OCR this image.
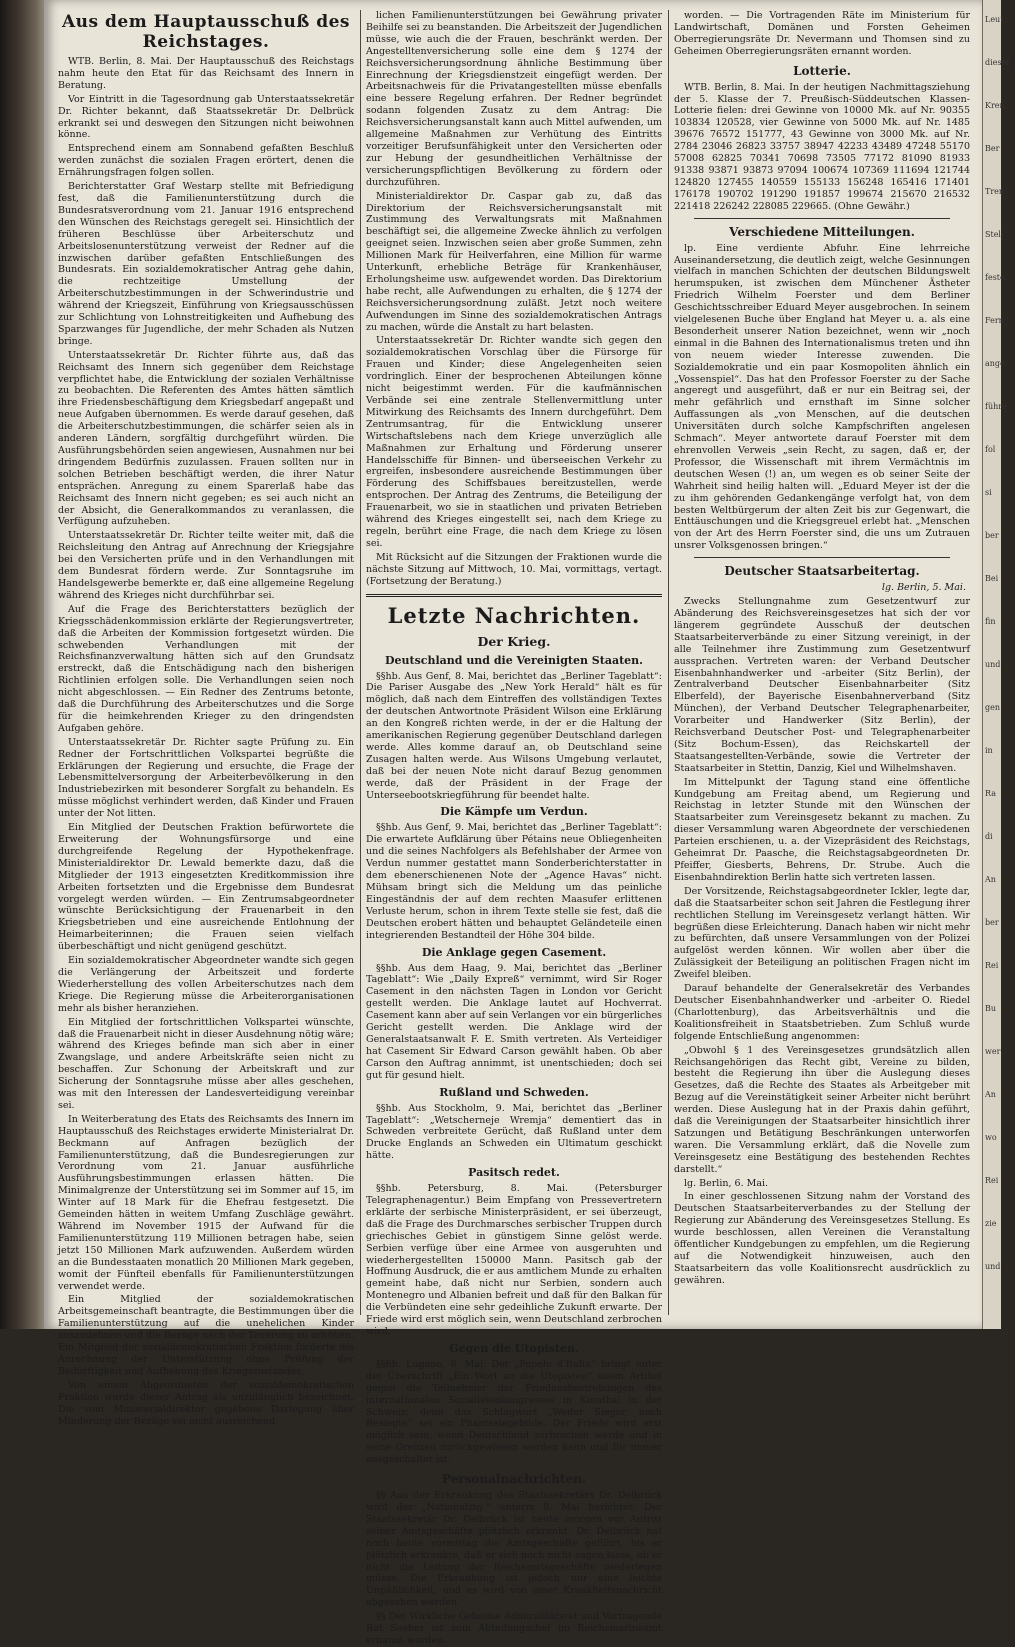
Aus dem Hauptausschuß des Reichstages.

WTB. Berlin, 8. Mai. Der Hauptausschuß des Reichstags nahm heute den Etat für das Reichsamt des Innern in Beratung.

Vor Eintritt in die Tagesordnung gab Unterstaatssekretär Dr. Richter bekannt, daß Staatssekretär Dr. Delbrück erkrankt sei und deswegen den Sitzungen nicht beiwohnen könne.

Entsprechend einem am Sonnabend gefaßten Beschluß werden zunächst die sozialen Fragen erörtert, denen die Ernährungsfragen folgen sollen.

Berichterstatter Graf Westarp stellte mit Befriedigung fest, daß die Familienunterstützung durch die Bundesratsverordnung vom 21. Januar 1916 entsprechend den Wünschen des Reichstags geregelt sei. Hinsichtlich der früheren Beschlüsse über Arbeiterschutz und Arbeitslosenunterstützung verweist der Redner auf die inzwischen darüber gefaßten Entschließungen des Bundesrats. Ein sozialdemokratischer Antrag gehe dahin, die rechtzeitige Umstellung der Arbeiterschutzbestimmungen in der Schwerindustrie und während der Kriegszeit, Einführung von Kriegsausschüssen zur Schlichtung von Lohnstreitigkeiten und Aufhebung des Sparzwanges für Jugendliche, der mehr Schaden als Nutzen bringe.

Unterstaatssekretär Dr. Richter führte aus, daß das Reichsamt des Innern sich gegenüber dem Reichstage verpflichtet habe, die Entwicklung der sozialen Verhältnisse zu beobachten. Die Referenten des Amtes hätten sämtlich ihre Friedensbeschäftigung dem Kriegsbedarf angepaßt und neue Aufgaben übernommen. Es werde darauf gesehen, daß die Arbeiterschutzbestimmungen, die schärfer seien als in anderen Ländern, sorgfältig durchgeführt würden. Die Ausführungsbehörden seien angewiesen, Ausnahmen nur bei dringendem Bedürfnis zuzulassen. Frauen sollten nur in solchen Betrieben beschäftigt werden, die ihrer Natur entsprächen. Anregung zu einem Sparerlaß habe das Reichsamt des Innern nicht gegeben; es sei auch nicht an der Absicht, die Generalkommandos zu veranlassen, die Verfügung aufzuheben.

Unterstaatssekretär Dr. Richter teilte weiter mit, daß die Reichsleitung den Antrag auf Anrechnung der Kriegsjahre bei den Versicherten prüfe und in den Verhandlungen mit dem Bundesrat fördern werde. Zur Sonntagsruhe im Handelsgewerbe bemerkte er, daß eine allgemeine Regelung während des Krieges nicht durchführbar sei.

Auf die Frage des Berichterstatters bezüglich der Kriegsschädenkommission erklärte der Regierungsvertreter, daß die Arbeiten der Kommission fortgesetzt würden. Die schwebenden Verhandlungen mit der Reichsfinanzverwaltung hätten sich auf den Grundsatz erstreckt, daß die Entschädigung nach den bisherigen Richtlinien erfolgen solle. Die Verhandlungen seien noch nicht abgeschlossen. — Ein Redner des Zentrums betonte, daß die Durchführung des Arbeiterschutzes und die Sorge für die heimkehrenden Krieger zu den dringendsten Aufgaben gehöre.

Unterstaatssekretär Dr. Richter sagte Prüfung zu. Ein Redner der Fortschrittlichen Volkspartei begrüßte die Erklärungen der Regierung und ersuchte, die Frage der Lebensmittelversorgung der Arbeiterbevölkerung in den Industriebezirken mit besonderer Sorgfalt zu behandeln. Es müsse möglichst verhindert werden, daß Kinder und Frauen unter der Not litten.

Ein Mitglied der Deutschen Fraktion befürwortete die Erweiterung der Wohnungsfürsorge und eine durchgreifende Regelung der Hypothekenfrage. Ministerialdirektor Dr. Lewald bemerkte dazu, daß die Mitglieder der 1913 eingesetzten Kreditkommission ihre Arbeiten fortsetzten und die Ergebnisse dem Bundesrat vorgelegt werden würden. — Ein Zentrumsabgeordneter wünschte Berücksichtigung der Frauenarbeit in den Kriegsbetrieben und eine ausreichende Entlohnung der Heimarbeiterinnen; die Frauen seien vielfach überbeschäftigt und nicht genügend geschützt.

Ein sozialdemokratischer Abgeordneter wandte sich gegen die Verlängerung der Arbeitszeit und forderte Wiederherstellung des vollen Arbeiterschutzes nach dem Kriege. Die Regierung müsse die Arbeiterorganisationen mehr als bisher heranziehen.

Ein Mitglied der fortschrittlichen Volkspartei wünschte, daß die Frauenarbeit nicht in dieser Ausdehnung nötig wäre; während des Krieges befinde man sich aber in einer Zwangslage, und andere Arbeitskräfte seien nicht zu beschaffen. Zur Schonung der Arbeitskraft und zur Sicherung der Sonntagsruhe müsse aber alles geschehen, was mit den Interessen der Landesverteidigung vereinbar sei.

In Weiterberatung des Etats des Reichsamts des Innern im Hauptausschuß des Reichstages erwiderte Ministerialrat Dr. Beckmann auf Anfragen bezüglich der Familienunterstützung, daß die Bundesregierungen zur Verordnung vom 21. Januar ausführliche Ausführungsbestimmungen erlassen hätten. Die Minimalgrenze der Unterstützung sei im Sommer auf 15, im Winter auf 18 Mark für die Ehefrau festgesetzt. Die Gemeinden hätten in weitem Umfang Zuschläge gewährt. Während im November 1915 der Aufwand für die Familienunterstützung 119 Millionen betragen habe, seien jetzt 150 Millionen Mark aufzuwenden. Außerdem würden an die Bundesstaaten monatlich 20 Millionen Mark gegeben, womit der Fünfteil ebenfalls für Familienunterstützungen verwendet werde.

Ein Mitglied der sozialdemokratischen Arbeitsgemeinschaft beantragte, die Bestimmungen über die Familienunterstützung auf die unehelichen Kinder auszudehnen und die Bezüge nach der Teuerung zu erhöhen. Ein Mitglied der sozialdemokratischen Fraktion forderte die Anrechnung der Unterstützung ohne Prüfung der Bedürftigkeit und Aufhebung des Kriegszustandes.

Von einem Abgeordneten der sozialdemokratischen Fraktion wurde dieser Antrag als unzulänglich bezeichnet. Die vom Ministerialdirektor gegebene Darlegung über Minderung der Bezüge sei nicht ausreichend.

lichen Familienunterstützungen bei Gewährung privater Beihilfe sei zu beanstanden. Die Arbeitszeit der Jugendlichen müsse, wie auch die der Frauen, beschränkt werden. Der Angestelltenversicherung solle eine dem § 1274 der Reichsversicherungsordnung ähnliche Bestimmung über Einrechnung der Kriegsdienstzeit eingefügt werden. Der Arbeitsnachweis für die Privatangestellten müsse ebenfalls eine bessere Regelung erfahren. Der Redner begründet sodann folgenden Zusatz zu dem Antrag: Die Reichsversicherungsanstalt kann auch Mittel aufwenden, um allgemeine Maßnahmen zur Verhütung des Eintritts vorzeitiger Berufsunfähigkeit unter den Versicherten oder zur Hebung der gesundheitlichen Verhältnisse der versicherungspflichtigen Bevölkerung zu fördern oder durchzuführen.

Ministerialdirektor Dr. Caspar gab zu, daß das Direktorium der Reichsversicherungsanstalt mit Zustimmung des Verwaltungsrats mit Maßnahmen beschäftigt sei, die allgemeine Zwecke ähnlich zu verfolgen geeignet seien. Inzwischen seien aber große Summen, zehn Millionen Mark für Heilverfahren, eine Million für warme Unterkunft, erhebliche Beträge für Krankenhäuser, Erholungsheime usw. aufgewendet worden. Das Direktorium habe recht, alle Aufwendungen zu erhalten, die § 1274 der Reichsversicherungsordnung zuläßt. Jetzt noch weitere Aufwendungen im Sinne des sozialdemokratischen Antrags zu machen, würde die Anstalt zu hart belasten.

Unterstaatssekretär Dr. Richter wandte sich gegen den sozialdemokratischen Vorschlag über die Fürsorge für Frauen und Kinder; diese Angelegenheiten seien vordringlich. Einer der besprochenen Abteilungen könne nicht beigestimmt werden. Für die kaufmännischen Verbände sei eine zentrale Stellenvermittlung unter Mitwirkung des Reichsamts des Innern durchgeführt. Dem Zentrumsantrag, für die Entwicklung unserer Wirtschaftslebens nach dem Kriege unverzüglich alle Maßnahmen zur Erhaltung und Förderung unserer Handelsschiffe für Binnen- und überseeischen Verkehr zu ergreifen, insbesondere ausreichende Bestimmungen über Förderung des Schiffsbaues bereitzustellen, werde entsprochen. Der Antrag des Zentrums, die Beteiligung der Frauenarbeit, wo sie in staatlichen und privaten Betrieben während des Krieges eingestellt sei, nach dem Kriege zu regeln, berührt eine Frage, die nach dem Kriege zu lösen sei.

Mit Rücksicht auf die Sitzungen der Fraktionen wurde die nächste Sitzung auf Mittwoch, 10. Mai, vormittags, vertagt. (Fortsetzung der Beratung.)

Letzte Nachrichten.
Der Krieg.
Deutschland und die Vereinigten Staaten.

§§hb. Aus Genf, 8. Mai, berichtet das „Berliner Tageblatt“: Die Pariser Ausgabe des „New York Herald“ hält es für möglich, daß nach dem Eintreffen des vollständigen Textes der deutschen Antwortnote Präsident Wilson eine Erklärung an den Kongreß richten werde, in der er die Haltung der amerikanischen Regierung gegenüber Deutschland darlegen werde. Alles komme darauf an, ob Deutschland seine Zusagen halten werde. Aus Wilsons Umgebung verlautet, daß bei der neuen Note nicht darauf Bezug genommen werde, daß der Präsident in der Frage der Unterseebootskriegführung für beendet halte.

Die Kämpfe um Verdun.

§§hb. Aus Genf, 9. Mai, berichtet das „Berliner Tageblatt“: Die erwartete Aufklärung über Pétains neue Obliegenheiten und die seines Nachfolgers als Befehlshaber der Armee von Verdun nummer gestattet mann Sonderberichterstatter in dem ebenerschienenen Note der „Agence Havas“ nicht. Mühsam bringt sich die Meldung um das peinliche Eingeständnis der auf dem rechten Maasufer erlittenen Verluste herum, schon in ihrem Texte stelle sie fest, daß die Deutschen erobert hätten und behauptet Geländeteile einen integrierenden Bestandteil der Höhe 304 bilde.

Die Anklage gegen Casement.

§§hb. Aus dem Haag, 9. Mai, berichtet das „Berliner Tageblatt“: Wie „Daily Expreß“ vernimmt, wird Sir Roger Casement in den nächsten Tagen in London vor Gericht gestellt werden. Die Anklage lautet auf Hochverrat. Casement kann aber auf sein Verlangen vor ein bürgerliches Gericht gestellt werden. Die Anklage wird der Generalstaatsanwalt F. E. Smith vertreten. Als Verteidiger hat Casement Sir Edward Carson gewählt haben. Ob aber Carson den Auftrag annimmt, ist unentschieden; doch sei gut für gesund hielt.

Rußland und Schweden.

§§hb. Aus Stockholm, 9. Mai, berichtet das „Berliner Tageblatt“: „Wetscherneje Wremja“ dementiert das in Schweden verbreitete Gerücht, daß Rußland unter dem Drucke Englands an Schweden ein Ultimatum geschickt hätte.

Pasitsch redet.

§§hb. Petersburg, 8. Mai. (Petersburger Telegraphenagentur.) Beim Empfang von Pressevertretern erklärte der serbische Ministerpräsident, er sei überzeugt, daß die Frage des Durchmarsches serbischer Truppen durch griechisches Gebiet in günstigem Sinne gelöst werde. Serbien verfüge über eine Armee von ausgeruhten und wiederhergestellten 150000 Mann. Pasitsch gab der Hoffnung Ausdruck, die er aus amtlichem Munde zu erhalten gemeint habe, daß nicht nur Serbien, sondern auch Montenegro und Albanien befreit und daß für den Balkan für die Verbündeten eine sehr gedeihliche Zukunft erwarte. Der Friede wird erst möglich sein, wenn Deutschland zerbrochen wird.

Gegen die Utopisten.

§§hb. Lugano, 8. Mai. Der „Popolo d'Italia“ bringt unter der Überschrift „Ein Wort an die Utopisten“ einen Artikel gegen die Teilnehmer der Friedensbestrebungen des internationalen Sozialistenkongresses in Kienthal in der Schweiz; denn das Schlagwort „Weder Sieger, noch Besiegte“ sei ein Phantasiegebilde. Der Friede wird erst möglich sein, wenn Deutschland zerbrochen werde und in seine Grenzen zurückgewiesen werden kann und für immer ausgeschaltet ist.

Personalnachrichten.

§§ Aus der Erkrankung des Staatssekretärs Dr. Delbrück wird der „Nationalztg.“ unterm 8. Mai berichtet: Der Staatssekretär Dr. Delbrück ist heute morgen vor Antritt seiner Amtsgeschäfte plötzlich erkrankt. Dr. Delbrück hat noch heute vormittag die Amtsgeschäfte geführt, bis er plötzlich erkrankte, daß er sich noch nicht sagen lasse, ob er nicht die Leitung der Reichsamtsgeschäfte niederlegen müsse. Die Erkrankung ist jedoch nur eine leichte Unpäßlichkeit, und es wird von einer Krankheitsnachricht abgesehen werden.

§§ Der Wirkliche Geheime Admiralitätsrat und Vortragende Rat Seeber ist zum Abteilungschef im Reichsmarineamt ernannt worden.

worden. — Die Vortragenden Räte im Ministerium für Landwirtschaft, Domänen und Forsten Geheimen Oberregierungsräte Dr. Nevermann und Thomsen sind zu Geheimen Oberregierungsräten ernannt worden.

Lotterie.

WTB. Berlin, 8. Mai. In der heutigen Nachmittagsziehung der 5. Klasse der 7. Preußisch-Süddeutschen Klassen-Lotterie fielen: drei Gewinne von 10000 Mk. auf Nr. 90355 103834 120528, vier Gewinne von 5000 Mk. auf Nr. 1485 39676 76572 151777, 43 Gewinne von 3000 Mk. auf Nr. 2784 23046 26823 33757 38947 42233 43489 47248 55170 57008 62825 70341 70698 73505 77172 81090 81933 91338 93871 93873 97094 100674 107369 111694 121744 124820 127455 140559 155133 156248 165416 171401 176178 190702 191290 191857 199674 215670 216532 221418 226242 228085 229665. (Ohne Gewähr.)

Verschiedene Mitteilungen.

lp. Eine verdiente Abfuhr. Eine lehrreiche Auseinandersetzung, die deutlich zeigt, welche Gesinnungen vielfach in manchen Schichten der deutschen Bildungswelt herumspuken, ist zwischen dem Münchener Ästheter Friedrich Wilhelm Foerster und dem Berliner Geschichtsschreiber Eduard Meyer ausgebrochen. In seinem vielgelesenen Buche über England hat Meyer u. a. als eine Besonderheit unserer Nation bezeichnet, wenn wir „noch einmal in die Bahnen des Internationalismus treten und ihn von neuem wieder Interesse zuwenden. Die Sozialdemokratie und ein paar Kosmopoliten ähnlich ein „Vossenspiel“. Das hat den Professor Foerster zu der Sache angeregt und ausgeführt, daß er nur ein Beitrag sei, der mehr gefährlich und ernsthaft im Sinne solcher Auffassungen als „von Menschen, auf die deutschen Universitäten durch solche Kampfschriften angelesen Schmach“. Meyer antwortete darauf Foerster mit dem ehrenvollen Verweis „sein Recht, zu sagen, daß er, der Professor, die Wissenschaft mit ihrem Vermächtnis im deutschen Wesen (!) an, um wegen es ob seiner Seite der Wahrheit sind heilig halten will. „Eduard Meyer ist der die zu ihm gehörenden Gedankengänge verfolgt hat, von dem besten Weltbürgerum der alten Zeit bis zur Gegenwart, die Enttäuschungen und die Kriegsgreuel erlebt hat. „Menschen von der Art des Herrn Foerster sind, die uns um Zutrauen unsrer Volksgenossen bringen.“

Deutscher Staatsarbeitertag.
lg. Berlin, 5. Mai.

Zwecks Stellungnahme zum Gesetzentwurf zur Abänderung des Reichsvereinsgesetzes hat sich der vor längerem gegründete Ausschuß der deutschen Staatsarbeiterverbände zu einer Sitzung vereinigt, in der alle Teilnehmer ihre Zustimmung zum Gesetzentwurf aussprachen. Vertreten waren: der Verband Deutscher Eisenbahnhandwerker und -arbeiter (Sitz Berlin), der Zentralverband Deutscher Eisenbahnarbeiter (Sitz Elberfeld), der Bayerische Eisenbahnerverband (Sitz München), der Verband Deutscher Telegraphenarbeiter, Vorarbeiter und Handwerker (Sitz Berlin), der Reichsverband Deutscher Post- und Telegraphenarbeiter (Sitz Bochum-Essen), das Reichskartell der Staatsangestellten-Verbände, sowie die Vertreter der Staatsarbeiter in Stettin, Danzig, Kiel und Wilhelmshaven.

Im Mittelpunkt der Tagung stand eine öffentliche Kundgebung am Freitag abend, um Regierung und Reichstag in letzter Stunde mit den Wünschen der Staatsarbeiter zum Vereinsgesetz bekannt zu machen. Zu dieser Versammlung waren Abgeordnete der verschiedenen Parteien erschienen, u. a. der Vizepräsident des Reichstags, Geheimrat Dr. Paasche, die Reichstagsabgeordneten Dr. Pfeiffer, Giesberts, Behrens, Dr. Strube. Auch die Eisenbahndirektion Berlin hatte sich vertreten lassen.

Der Vorsitzende, Reichstagsabgeordneter Ickler, legte dar, daß die Staatsarbeiter schon seit Jahren die Festlegung ihrer rechtlichen Stellung im Vereinsgesetz verlangt hätten. Wir begrüßen diese Erleichterung. Danach haben wir nicht mehr zu befürchten, daß unsere Versammlungen von der Polizei aufgelöst werden können. Wir wollen aber über die Zulässigkeit der Beteiligung an politischen Fragen nicht im Zweifel bleiben.

Darauf behandelte der Generalsekretär des Verbandes Deutscher Eisenbahnhandwerker und -arbeiter O. Riedel (Charlottenburg), das Arbeitsverhältnis und die Koalitionsfreiheit in Staatsbetrieben. Zum Schluß wurde folgende Entschließung angenommen:

„Obwohl § 1 des Vereinsgesetzes grundsätzlich allen Reichsangehörigen das Recht gibt, Vereine zu bilden, besteht die Regierung ihn über die Auslegung dieses Gesetzes, daß die Rechte des Staates als Arbeitgeber mit Bezug auf die Vereinstätigkeit seiner Arbeiter nicht berührt werden. Diese Auslegung hat in der Praxis dahin geführt, daß die Vereinigungen der Staatsarbeiter hinsichtlich ihrer Satzungen und Betätigung Beschränkungen unterworfen waren. Die Versammlung erklärt, daß die Novelle zum Vereinsgesetz eine Bestätigung des bestehenden Rechtes darstellt.“

lg. Berlin, 6. Mai.

In einer geschlossenen Sitzung nahm der Vorstand des Deutschen Staatsarbeiterverbandes zu der Stellung der Regierung zur Abänderung des Vereinsgesetzes Stellung. Es wurde beschlossen, allen Vereinen die Veranstaltung öffentlicher Kundgebungen zu empfehlen, um die Regierung auf die Notwendigkeit hinzuweisen, auch den Staatsarbeitern das volle Koalitionsrecht ausdrücklich zu gewähren.

Leut
dieser
Kren
Ber
Tren
Stell
feste
Fern
ange
führe
fol
si
ber
Bei
fin
und
gen
in
Ra
di
An
ber
Rei
Bu
wer
An
wo
Rei
zie
und
